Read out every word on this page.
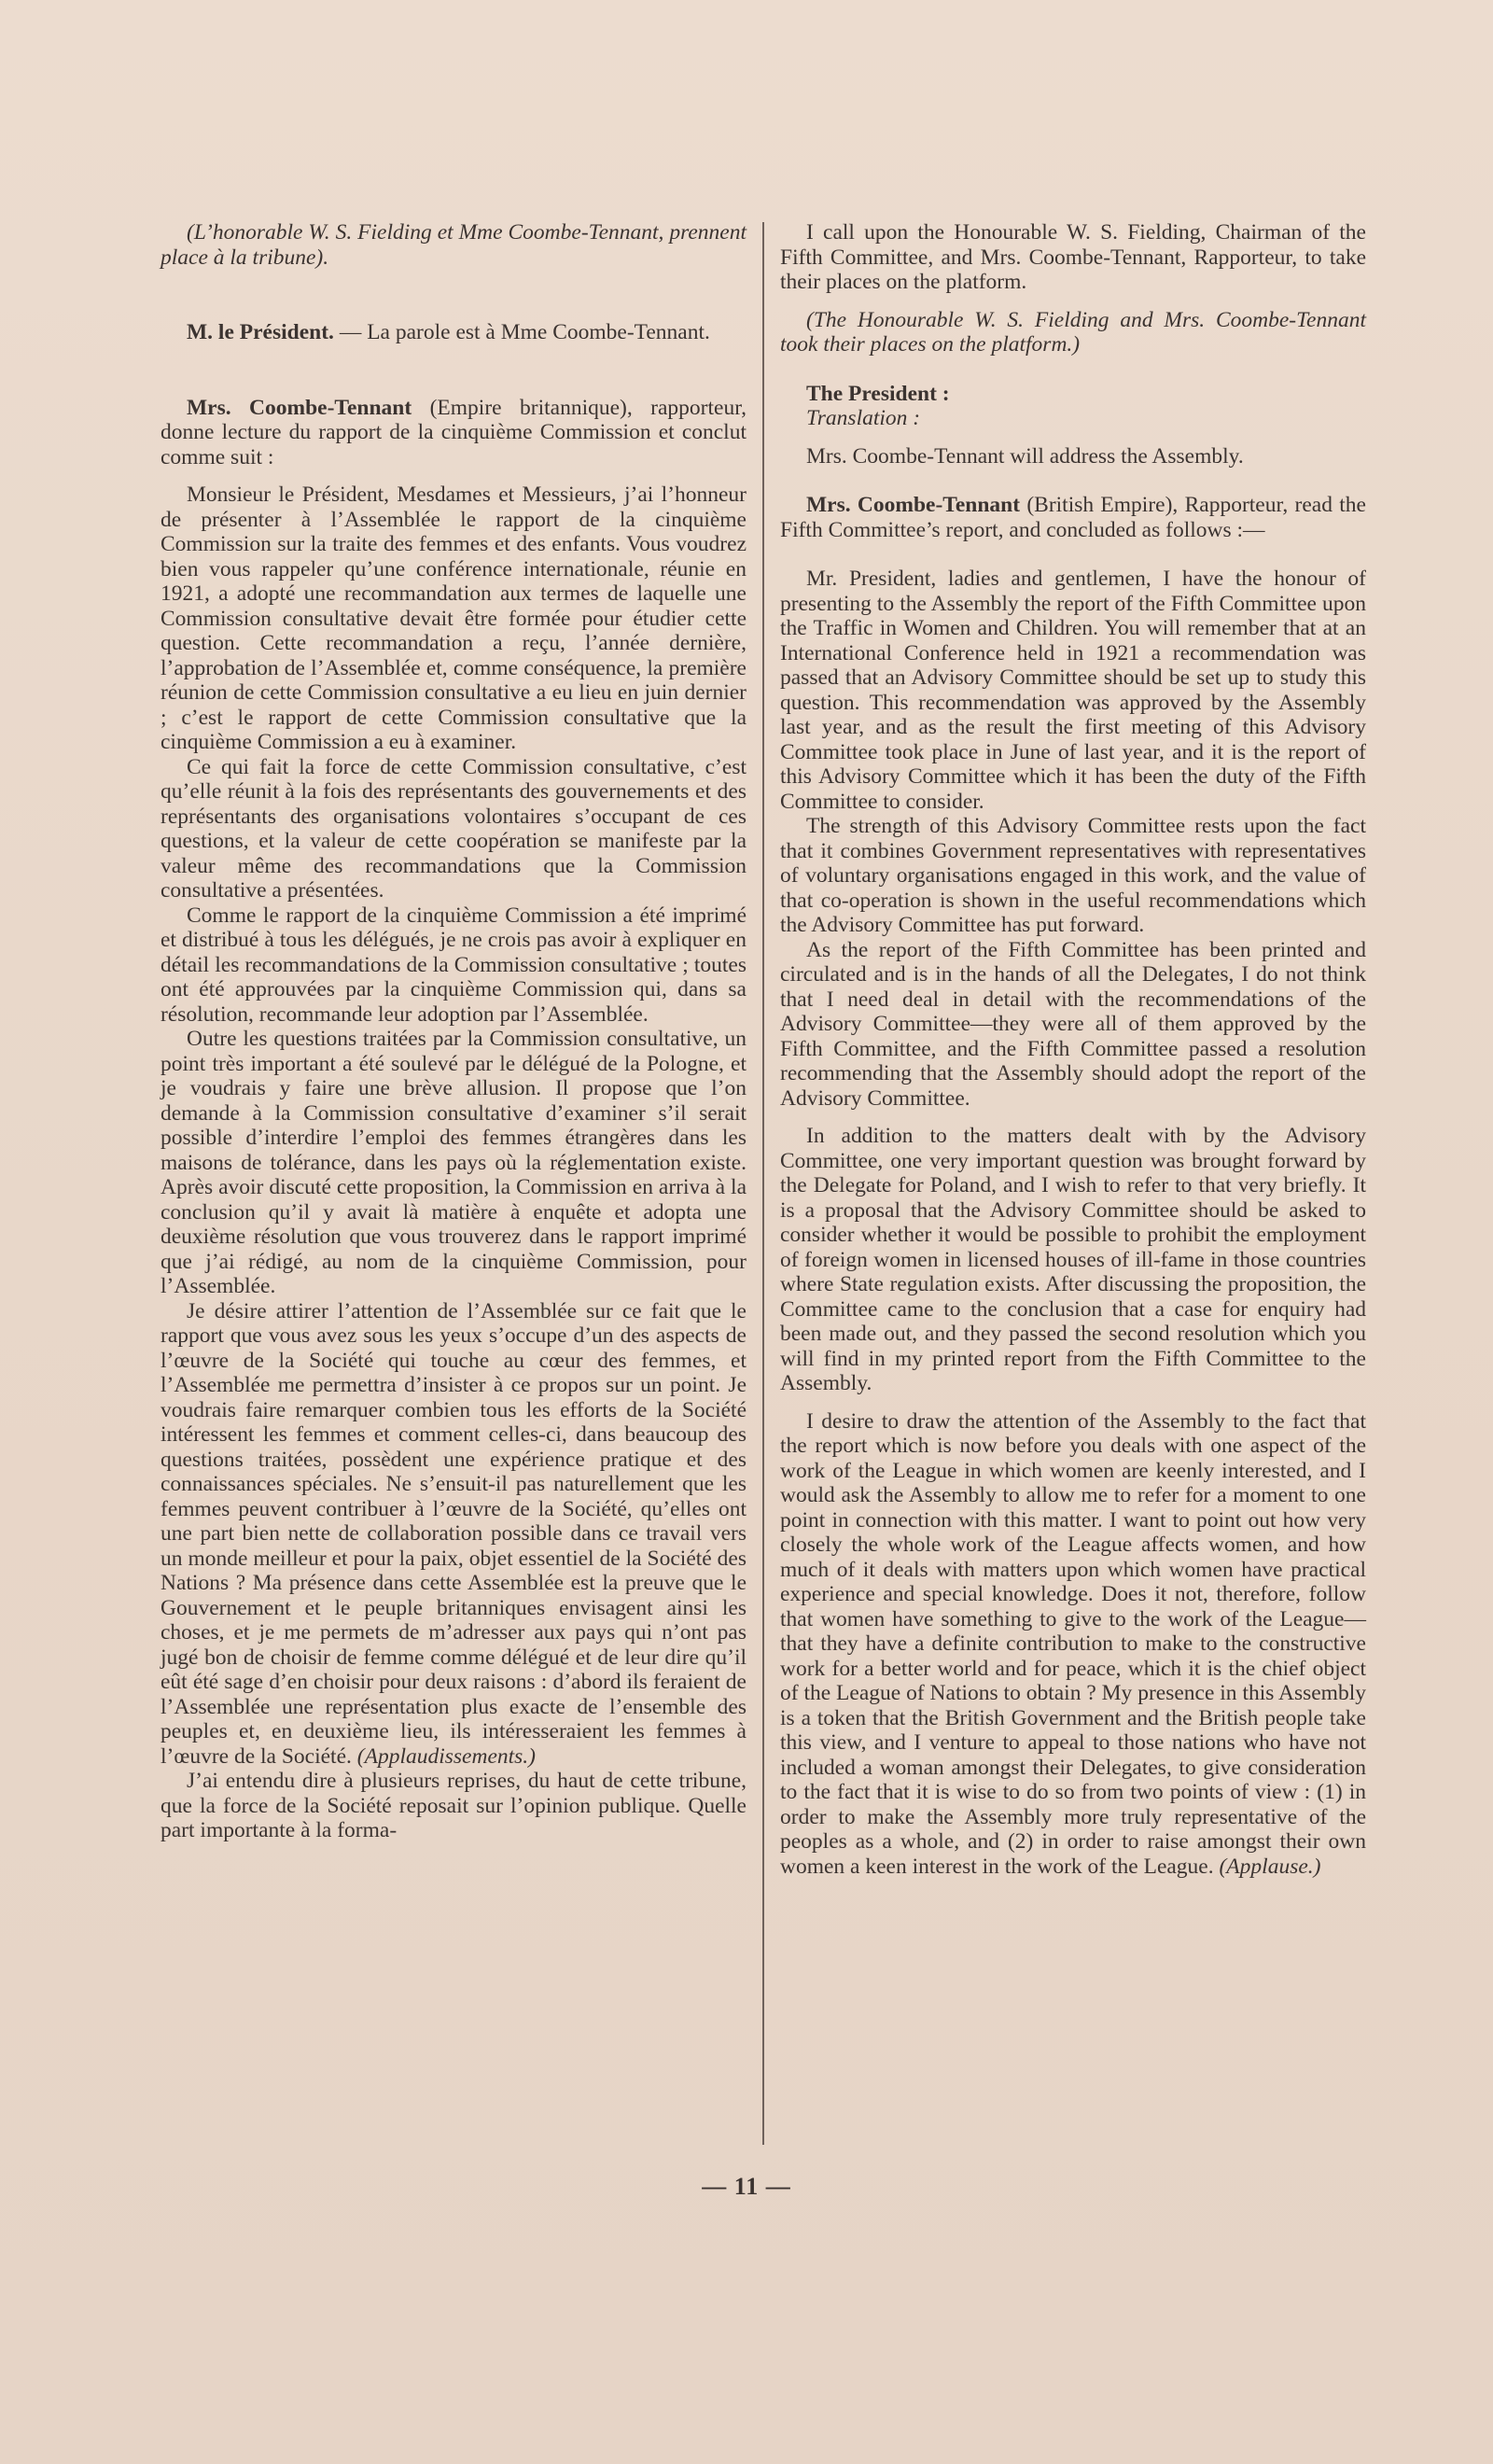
(L’honorable W. S. Fielding et Mme Coombe-Tennant, prennent place à la tribune).

M. le Président. — La parole est à Mme Coombe-Tennant.

Mrs. Coombe-Tennant (Empire britannique), rapporteur, donne lecture du rapport de la cinquième Commission et conclut comme suit :

Monsieur le Président, Mesdames et Messieurs, j’ai l’honneur de présenter à l’Assemblée le rapport de la cinquième Commission sur la traite des femmes et des enfants. Vous voudrez bien vous rappeler qu’une conférence internationale, réunie en 1921, a adopté une recommandation aux termes de laquelle une Commission consultative devait être formée pour étudier cette question. Cette recommandation a reçu, l’année dernière, l’approbation de l’Assemblée et, comme conséquence, la première réunion de cette Commission consultative a eu lieu en juin dernier ; c’est le rapport de cette Commission consultative que la cinquième Commission a eu à examiner.

Ce qui fait la force de cette Commission consultative, c’est qu’elle réunit à la fois des représentants des gouvernements et des représentants des organisations volontaires s’occupant de ces questions, et la valeur de cette coopération se manifeste par la valeur même des recommandations que la Commission consultative a présentées.

Comme le rapport de la cinquième Commission a été imprimé et distribué à tous les délégués, je ne crois pas avoir à expliquer en détail les recommandations de la Commission consultative ; toutes ont été approuvées par la cinquième Commission qui, dans sa résolution, recommande leur adoption par l’Assemblée.

Outre les questions traitées par la Commission consultative, un point très important a été soulevé par le délégué de la Pologne, et je voudrais y faire une brève allusion. Il propose que l’on demande à la Commission consultative d’examiner s’il serait possible d’interdire l’emploi des femmes étrangères dans les maisons de tolérance, dans les pays où la réglementation existe. Après avoir discuté cette proposition, la Commission en arriva à la conclusion qu’il y avait là matière à enquête et adopta une deuxième résolution que vous trouverez dans le rapport imprimé que j’ai rédigé, au nom de la cinquième Commission, pour l’Assemblée.

Je désire attirer l’attention de l’Assemblée sur ce fait que le rapport que vous avez sous les yeux s’occupe d’un des aspects de l’œuvre de la Société qui touche au cœur des femmes, et l’Assemblée me permettra d’insister à ce propos sur un point. Je voudrais faire remarquer combien tous les efforts de la Société intéressent les femmes et comment celles-ci, dans beaucoup des questions traitées, possèdent une expérience pratique et des connaissances spéciales. Ne s’ensuit-il pas naturellement que les femmes peuvent contribuer à l’œuvre de la Société, qu’elles ont une part bien nette de collaboration possible dans ce travail vers un monde meilleur et pour la paix, objet essentiel de la Société des Nations ? Ma présence dans cette Assemblée est la preuve que le Gouvernement et le peuple britanniques envisagent ainsi les choses, et je me permets de m’adresser aux pays qui n’ont pas jugé bon de choisir de femme comme délégué et de leur dire qu’il eût été sage d’en choisir pour deux raisons : d’abord ils feraient de l’Assemblée une représentation plus exacte de l’ensemble des peuples et, en deuxième lieu, ils intéresseraient les femmes à l’œuvre de la Société. (Applaudissements.)

J’ai entendu dire à plusieurs reprises, du haut de cette tribune, que la force de la Société reposait sur l’opinion publique. Quelle part importante à la forma-

I call upon the Honourable W. S. Fielding, Chairman of the Fifth Committee, and Mrs. Coombe-Tennant, Rapporteur, to take their places on the platform.

(The Honourable W. S. Fielding and Mrs. Coombe-Tennant took their places on the platform.)

The President :

Translation :

Mrs. Coombe-Tennant will address the Assembly.

Mrs. Coombe-Tennant (British Empire), Rapporteur, read the Fifth Committee’s report, and concluded as follows :—

Mr. President, ladies and gentlemen, I have the honour of presenting to the Assembly the report of the Fifth Committee upon the Traffic in Women and Children. You will remember that at an International Conference held in 1921 a recommendation was passed that an Advisory Committee should be set up to study this question. This recommendation was approved by the Assembly last year, and as the result the first meeting of this Advisory Committee took place in June of last year, and it is the report of this Advisory Committee which it has been the duty of the Fifth Committee to consider.

The strength of this Advisory Committee rests upon the fact that it combines Government representatives with representatives of voluntary organisations engaged in this work, and the value of that co-operation is shown in the useful recommendations which the Advisory Committee has put forward.

As the report of the Fifth Committee has been printed and circulated and is in the hands of all the Delegates, I do not think that I need deal in detail with the recommendations of the Advisory Committee—they were all of them approved by the Fifth Committee, and the Fifth Committee passed a resolution recommending that the Assembly should adopt the report of the Advisory Committee.

In addition to the matters dealt with by the Advisory Committee, one very important question was brought forward by the Delegate for Poland, and I wish to refer to that very briefly. It is a proposal that the Advisory Committee should be asked to consider whether it would be possible to prohibit the employment of foreign women in licensed houses of ill-fame in those countries where State regulation exists. After discussing the proposition, the Committee came to the conclusion that a case for enquiry had been made out, and they passed the second resolution which you will find in my printed report from the Fifth Committee to the Assembly.

I desire to draw the attention of the Assembly to the fact that the report which is now before you deals with one aspect of the work of the League in which women are keenly interested, and I would ask the Assembly to allow me to refer for a moment to one point in connection with this matter. I want to point out how very closely the whole work of the League affects women, and how much of it deals with matters upon which women have practical experience and special knowledge. Does it not, therefore, follow that women have something to give to the work of the League—that they have a definite contribution to make to the constructive work for a better world and for peace, which it is the chief object of the League of Nations to obtain ? My presence in this Assembly is a token that the British Government and the British people take this view, and I venture to appeal to those nations who have not included a woman amongst their Delegates, to give consideration to the fact that it is wise to do so from two points of view : (1) in order to make the Assembly more truly representative of the peoples as a whole, and (2) in order to raise amongst their own women a keen interest in the work of the League. (Applause.)

— 11 —
